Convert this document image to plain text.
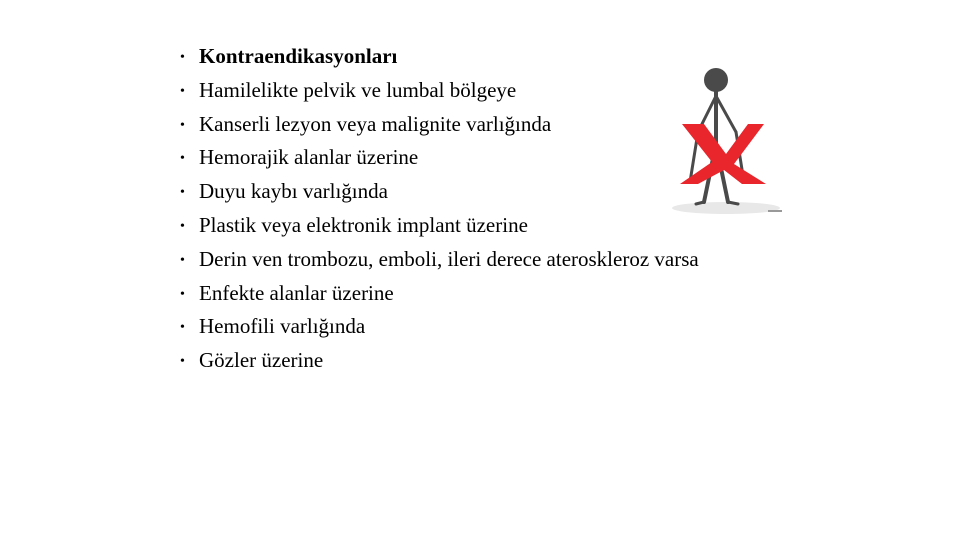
• Kontraendikasyonları
• Hamilelikte pelvik ve lumbal bölgeye
• Kanserli lezyon veya malignite varlığında
• Hemorajik alanlar üzerine
• Duyu kaybı varlığında
• Plastik veya elektronik implant üzerine
• Derin ven trombozu, emboli, ileri derece ateroskleroz varsa
• Enfekte alanlar üzerine
• Hemofili varlığında
• Gözler üzerine
